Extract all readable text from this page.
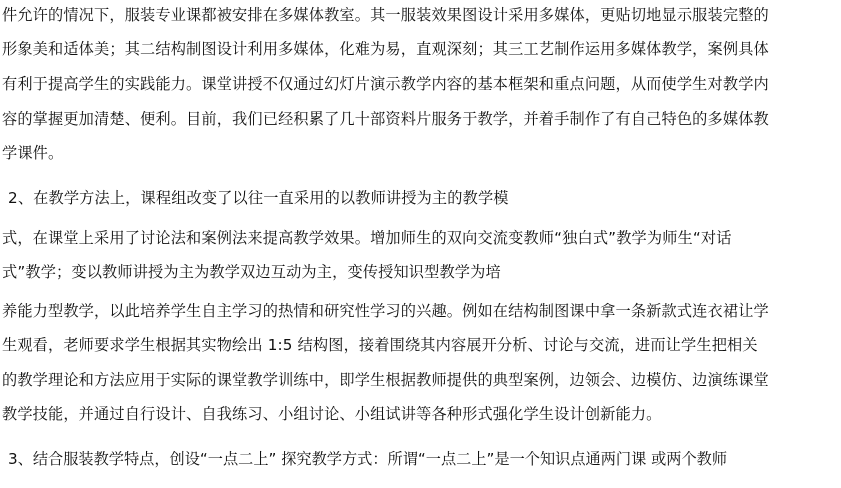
件允许的情况下，服装专业课都被安排在多媒体教室。其一服装效果图设计采用多媒体，更贴切地显示服装完整的
形象美和适体美；其二结构制图设计利用多媒体，化难为易，直观深刻；其三工艺制作运用多媒体教学，案例具体
有利于提高学生的实践能力。课堂讲授不仅通过幻灯片演示教学内容的基本框架和重点问题，从而使学生对教学内
容的掌握更加清楚、便利。目前，我们已经积累了几十部资料片服务于教学，并着手制作了有自己特色的多媒体教
学课件。
2、在教学方法上，课程组改变了以往一直采用的以教师讲授为主的教学模
式，在课堂上采用了讨论法和案例法来提高教学效果。增加师生的双向交流变教师“独白式”教学为师生“对话
式”教学；变以教师讲授为主为教学双边互动为主，变传授知识型教学为培
养能力型教学，以此培养学生自主学习的热情和研究性学习的兴趣。例如在结构制图课中拿一条新款式连衣裙让学
生观看，老师要求学生根据其实物绘出 1:5 结构图，接着围绕其内容展开分析、讨论与交流，进而让学生把相关
的教学理论和方法应用于实际的课堂教学训练中，即学生根据教师提供的典型案例，边领会、边模仿、边演练课堂
教学技能，并通过自行设计、自我练习、小组讨论、小组试讲等各种形式强化学生设计创新能力。
3、结合服装教学特点，创设“一点二上” 探究教学方式：所谓“一点二上”是一个知识点通两门课 或两个教师
